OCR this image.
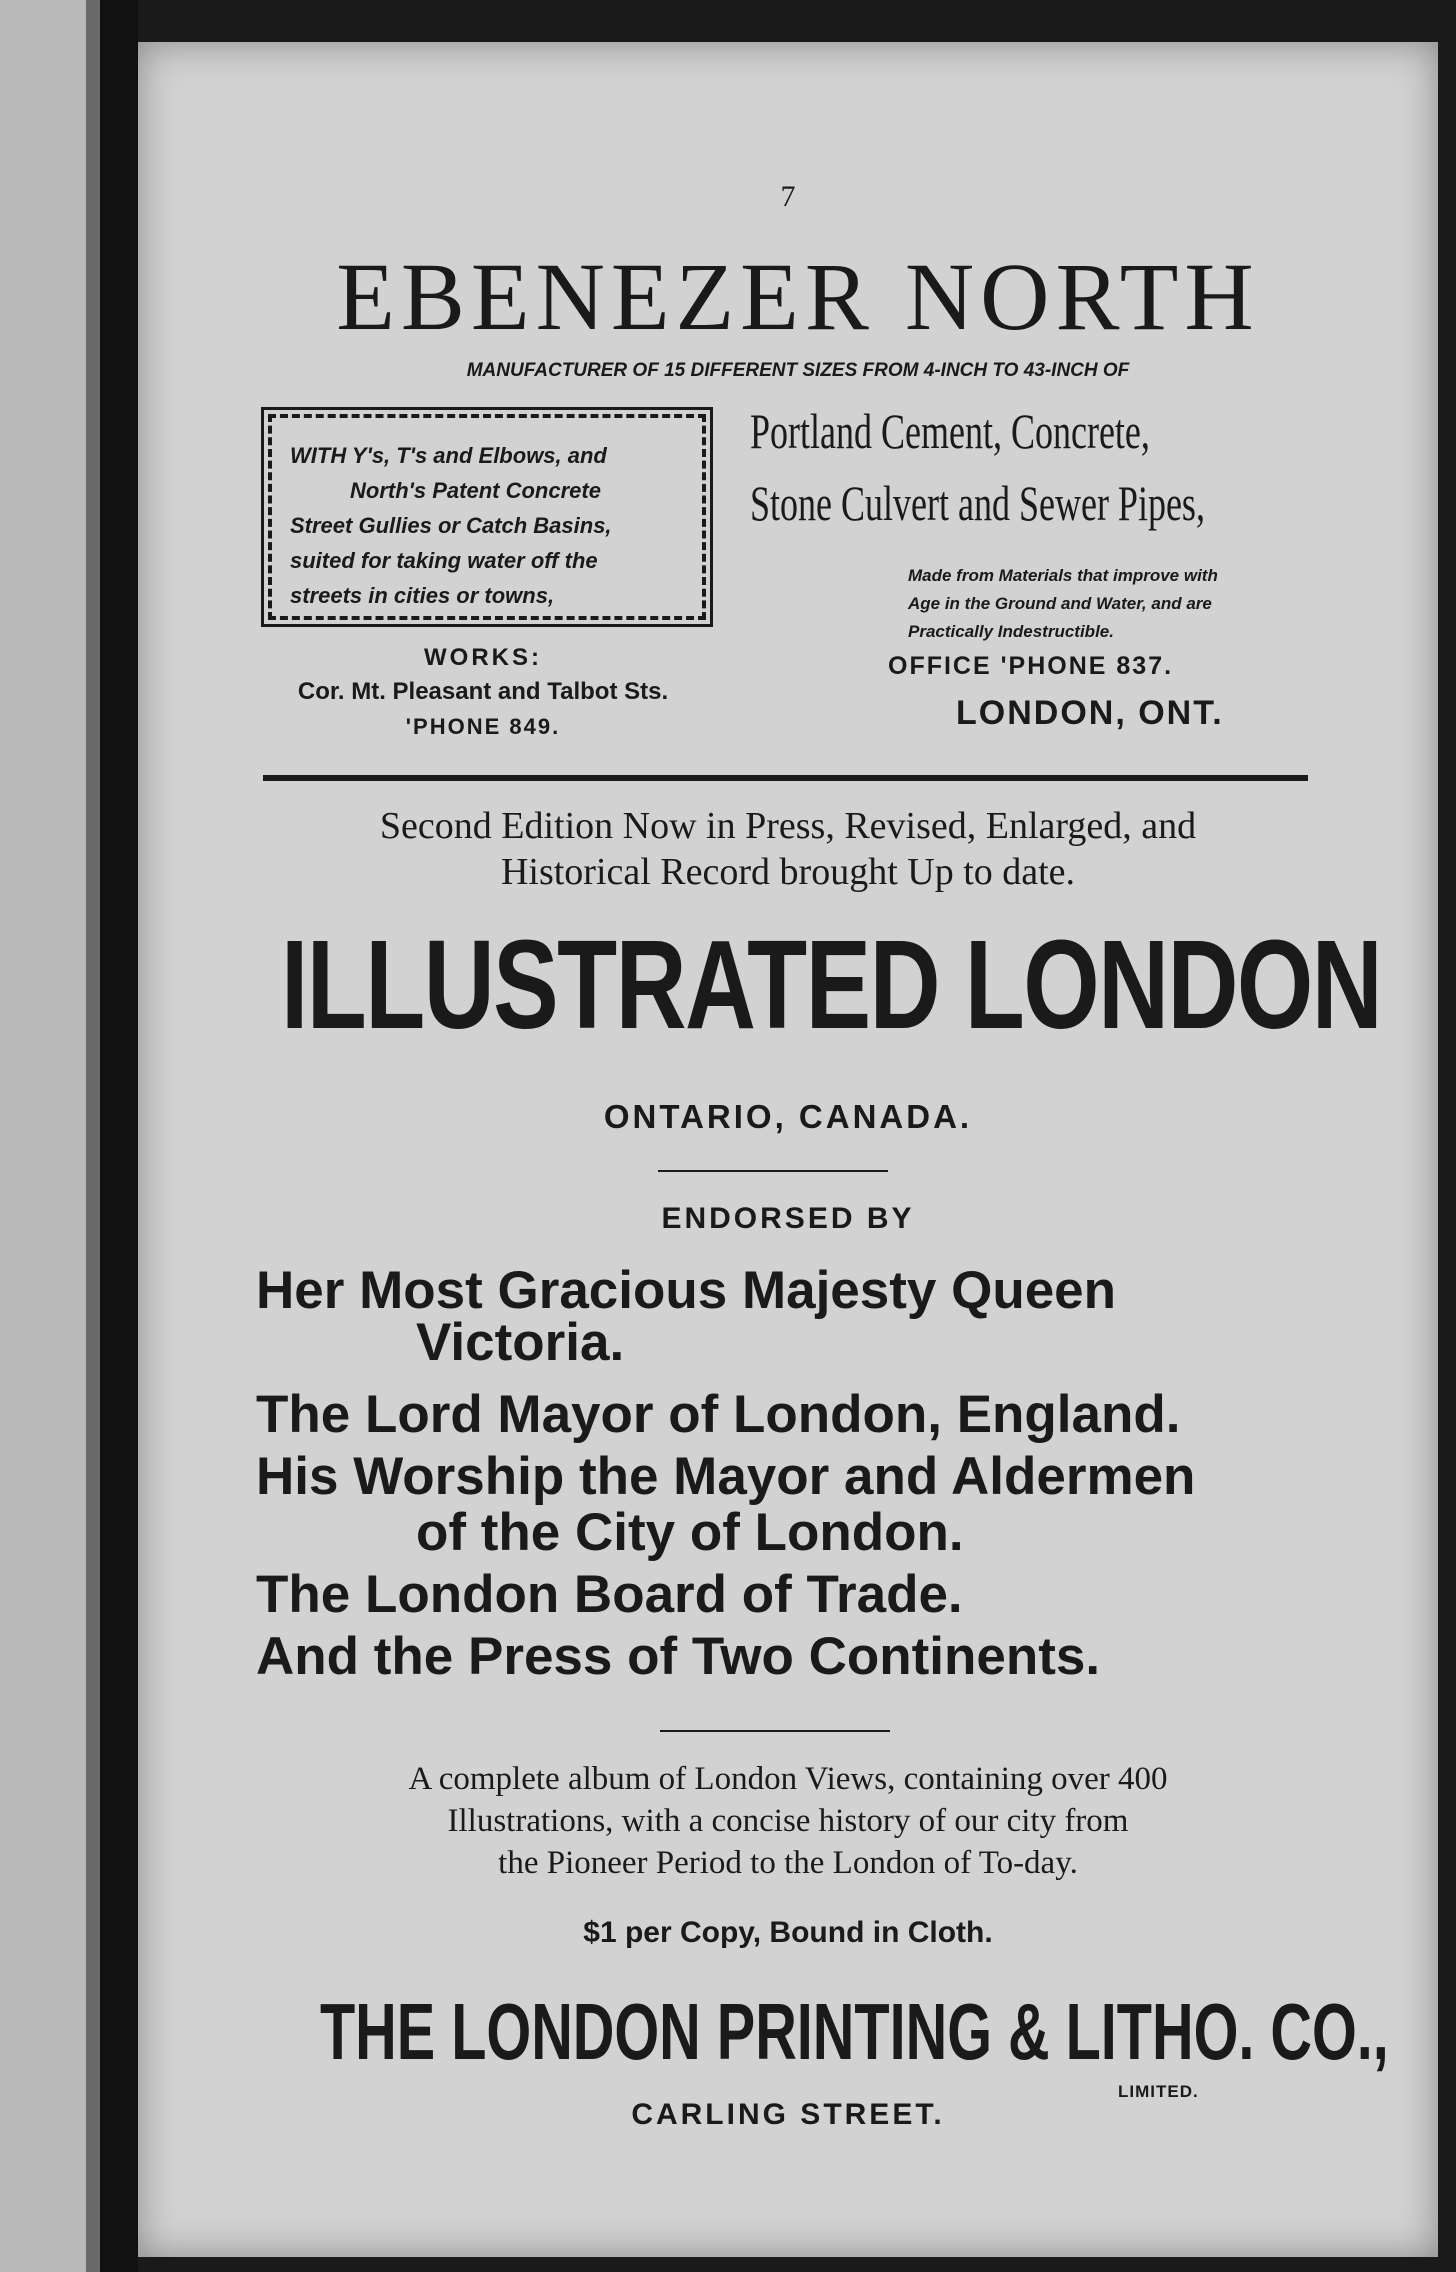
7
EBENEZER NORTH
MANUFACTURER OF 15 DIFFERENT SIZES FROM 4-INCH TO 43-INCH OF
WITH Y's, T's and Elbows, and
North's Patent Concrete
Street Gullies or Catch Basins,
suited for taking water off the
streets in cities or towns,
Portland Cement, Concrete,
Stone Culvert and Sewer Pipes,
Made from Materials that improve with
Age in the Ground and Water, and are
Practically Indestructible.
WORKS:
Cor. Mt. Pleasant and Talbot Sts.
'PHONE 849.
OFFICE 'PHONE 837.
LONDON, ONT.
Second Edition Now in Press, Revised, Enlarged, and
Historical Record brought Up to date.
ILLUSTRATED LONDON
ONTARIO, CANADA.
ENDORSED BY
Her Most Gracious Majesty Queen
Victoria.
The Lord Mayor of London, England.
His Worship the Mayor and Aldermen
of the City of London.
The London Board of Trade.
And the Press of Two Continents.
A complete album of London Views, containing over 400
Illustrations, with a concise history of our city from
the Pioneer Period to the London of To-day.
$1 per Copy, Bound in Cloth.
THE LONDON PRINTING & LITHO. CO.,
LIMITED.
CARLING STREET.
